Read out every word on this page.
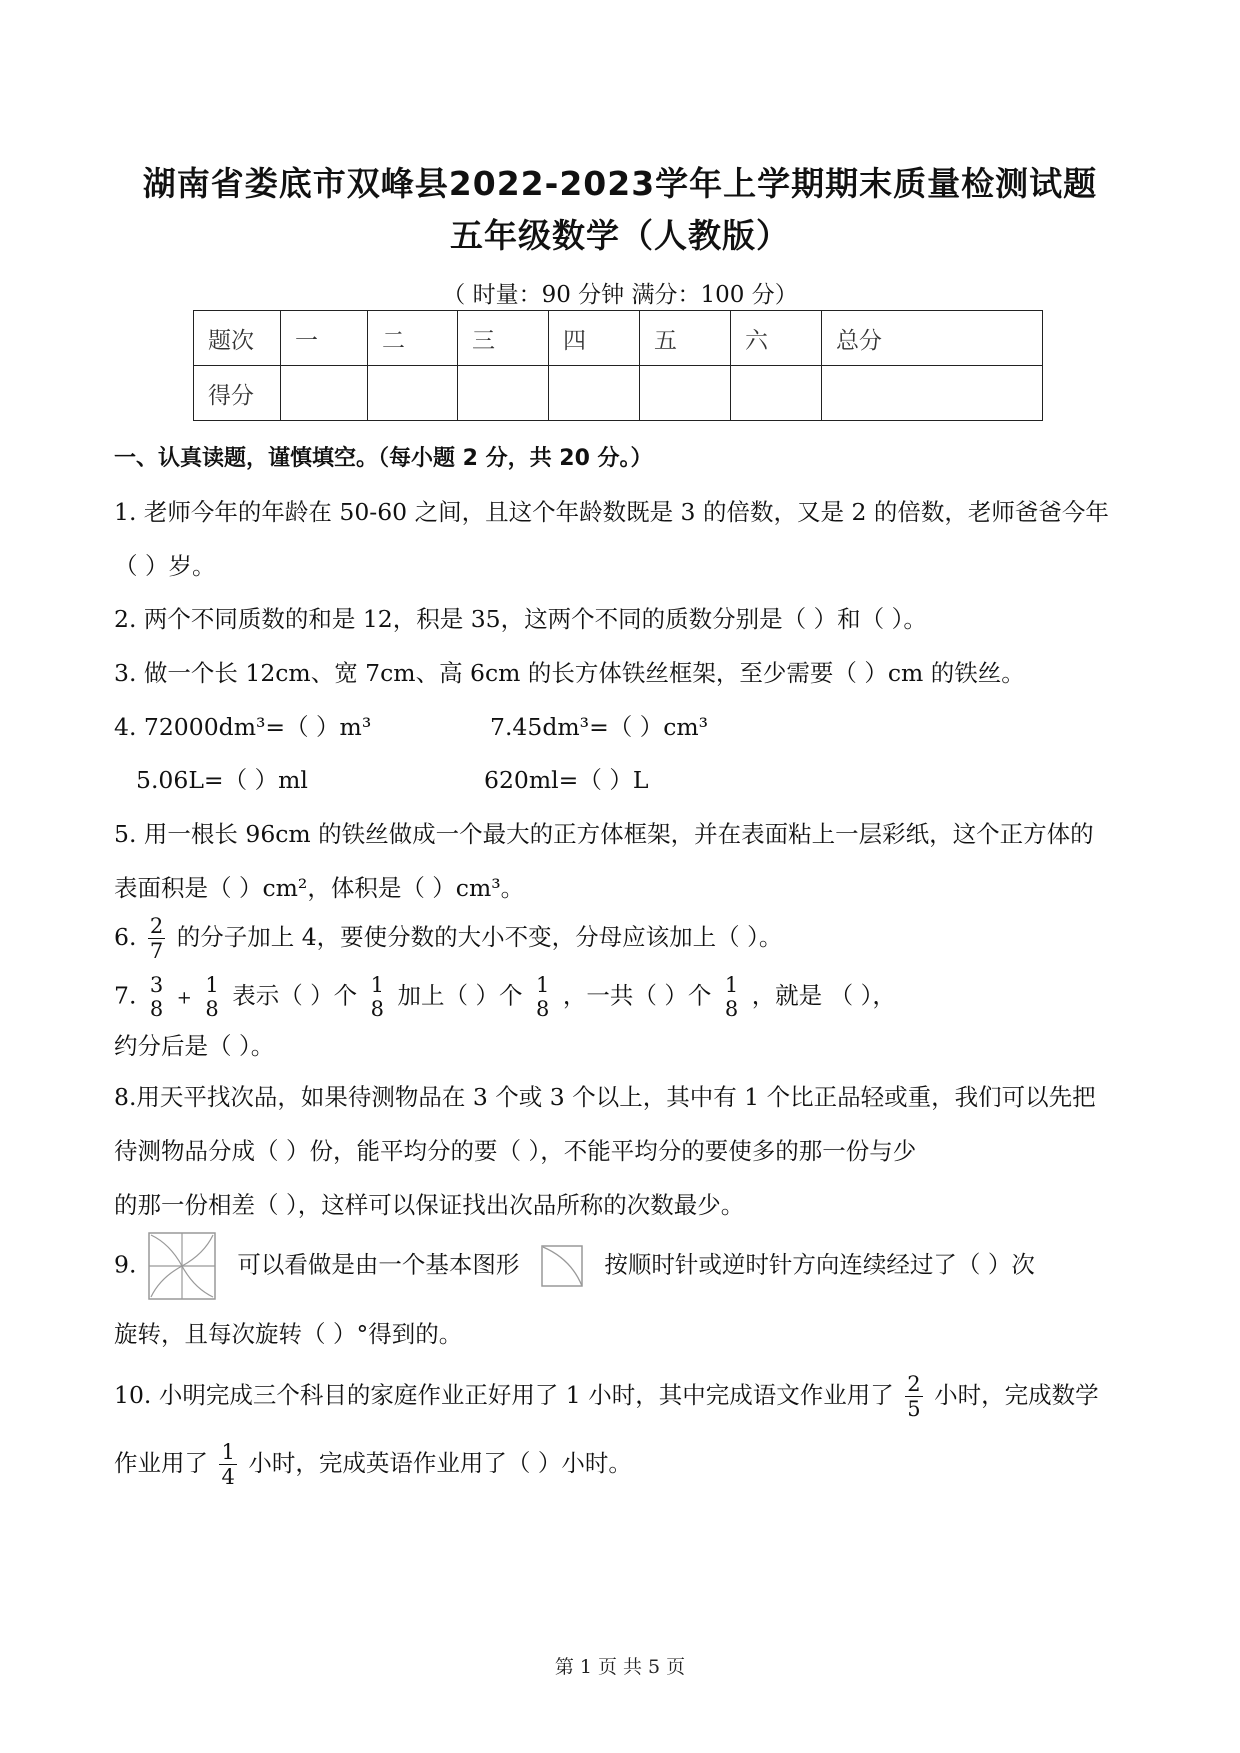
湖南省娄底市双峰县2022-2023学年上学期期末质量检测试题
五年级数学（人教版）
（ 时量：90 分钟 满分：100 分）
题次	一	二	三	四	五	六	总分
得分							
一、认真读题，谨慎填空。（每小题 2 分，共 20 分。）
1. 老师今年的年龄在 50-60 之间，且这个年龄数既是 3 的倍数，又是 2 的倍数，老师爸爸今年
（ ）岁。
2. 两个不同质数的和是 12，积是 35，这两个不同的质数分别是（ ）和（ ）。
3. 做一个长 12cm、宽 7cm、高 6cm 的长方体铁丝框架，至少需要（ ）cm 的铁丝。
4. 72000dm³=（ ）m³	7.45dm³=（ ）cm³
5.06L=（ ）ml	620ml=（ ）L
5. 用一根长 96cm 的铁丝做成一个最大的正方体框架，并在表面粘上一层彩纸，这个正方体的
表面积是（ ）cm²，体积是（ ）cm³。
6. $\frac{2}{7}$ 的分子加上 4，要使分数的大小不变，分母应该加上（ ）。
7. 3
8 +
1
8 表示（ ）个 1
8 加上（ ）个 1
8 ，一共（ ）个 1
8 ，就是 （ ），
约分后是（ ）。
8.用天平找次品，如果待测物品在 3 个或 3 个以上，其中有 1 个比正品轻或重，我们可以先把
待测物品分成（ ）份，能平均分的要（ ），不能平均分的要使多的那一份与少
的那一份相差（ ），这样可以保证找出次品所称的次数最少。
9.	可以看做是由一个基本图形	按顺时针或逆时针方向连续经过了（ ）次
旋转，且每次旋转（ ）°得到的。
10. 小明完成三个科目的家庭作业正好用了 1 小时，其中完成语文作业用了 $\frac{2}{5}$ 小时，完成数学
作业用了 $\frac{1}{4}$ 小时，完成英语作业用了（ ）小时。
第 1 页 共 5 页
